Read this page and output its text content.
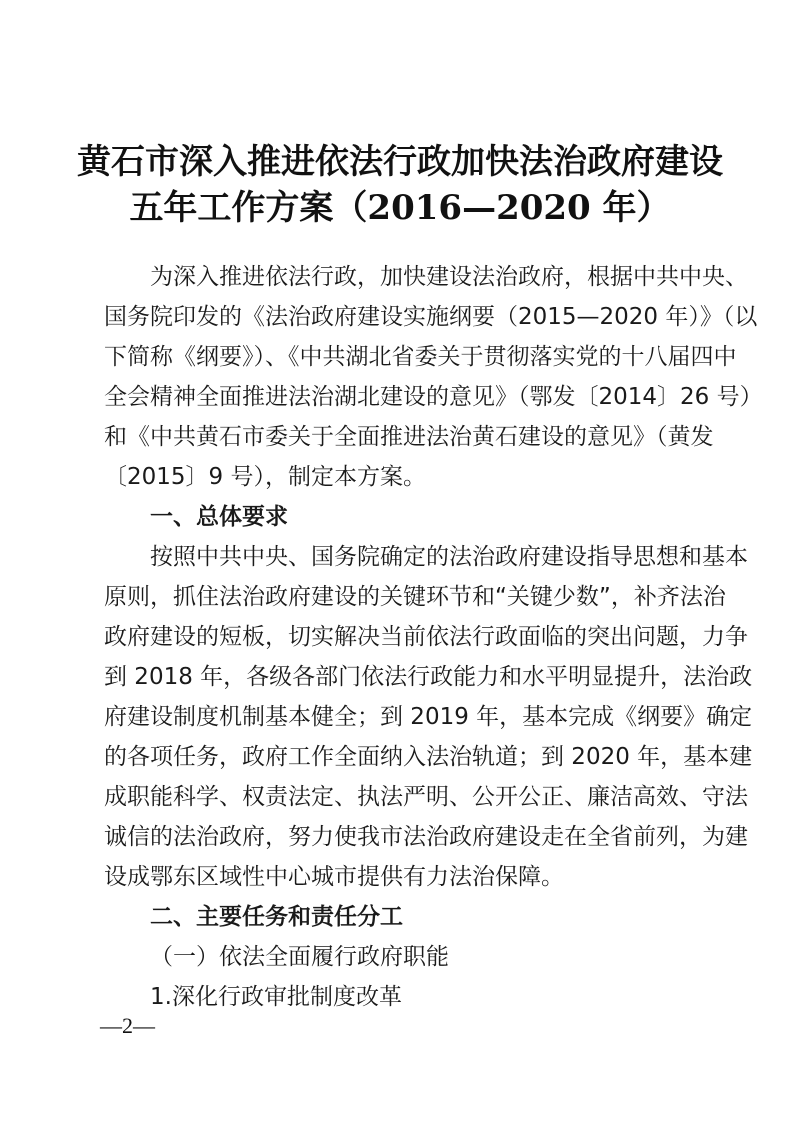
黄石市深入推进依法行政加快法治政府建设
五年工作方案（2016—2020 年）
为深入推进依法行政，加快建设法治政府，根据中共中央、
国务院印发的《法治政府建设实施纲要（2015—2020 年）》（以
下简称《纲要》）、《中共湖北省委关于贯彻落实党的十八届四中
全会精神全面推进法治湖北建设的意见》（鄂发〔2014〕26 号）
和《中共黄石市委关于全面推进法治黄石建设的意见》（黄发
〔2015〕9 号），制定本方案。
一、总体要求
按照中共中央、国务院确定的法治政府建设指导思想和基本
原则，抓住法治政府建设的关键环节和“关键少数”，补齐法治
政府建设的短板，切实解决当前依法行政面临的突出问题，力争
到 2018 年，各级各部门依法行政能力和水平明显提升，法治政
府建设制度机制基本健全；到 2019 年，基本完成《纲要》确定
的各项任务，政府工作全面纳入法治轨道；到 2020 年，基本建
成职能科学、权责法定、执法严明、公开公正、廉洁高效、守法
诚信的法治政府，努力使我市法治政府建设走在全省前列，为建
设成鄂东区域性中心城市提供有力法治保障。
二、主要任务和责任分工
（一）依法全面履行政府职能
1.深化行政审批制度改革
—2—
